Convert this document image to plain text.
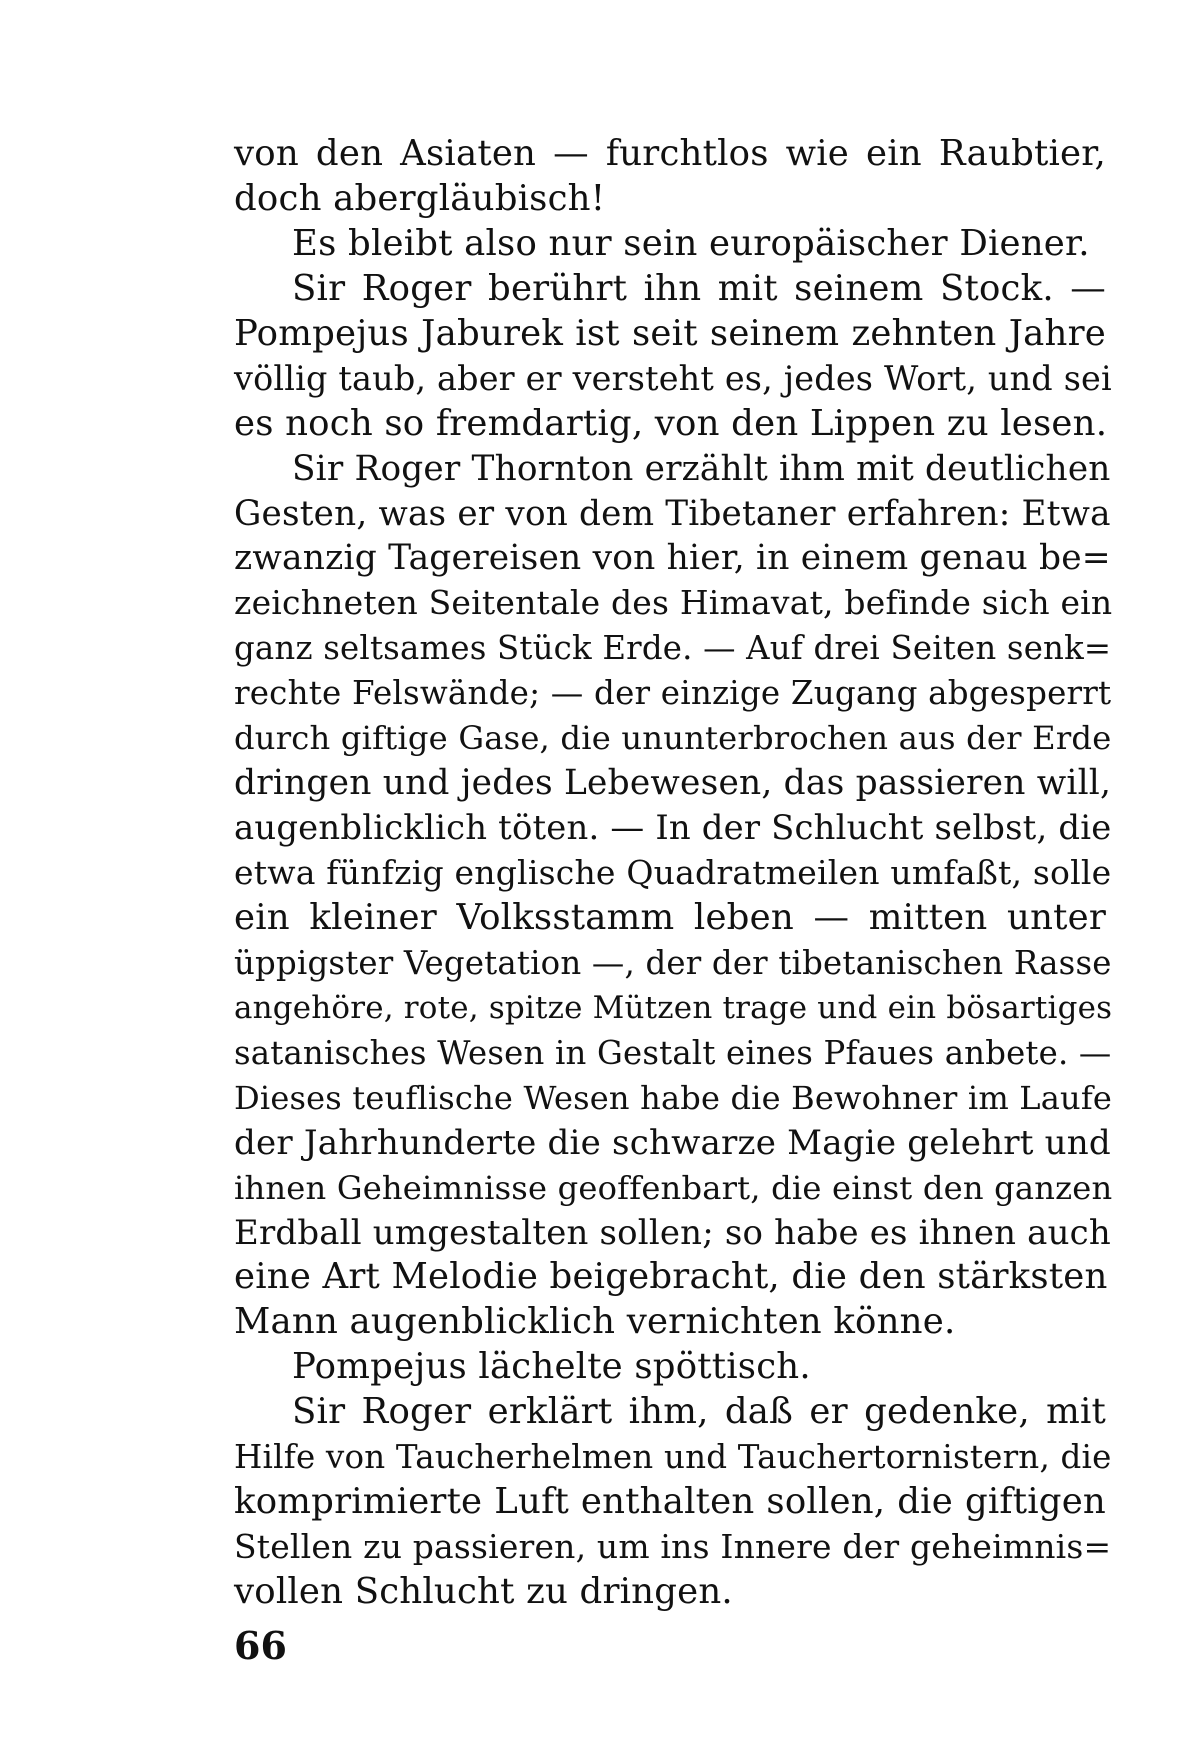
von den Asiaten — furchtlos wie ein Raubtier,
doch abergläubisch!
Es bleibt also nur sein europäischer Diener.
Sir Roger berührt ihn mit seinem Stock. —
Pompejus Jaburek ist seit seinem zehnten Jahre
völlig taub, aber er versteht es, jedes Wort, und sei
es noch so fremdartig, von den Lippen zu lesen.
Sir Roger Thornton erzählt ihm mit deutlichen
Gesten, was er von dem Tibetaner erfahren: Etwa
zwanzig Tagereisen von hier, in einem genau be=
zeichneten Seitentale des Himavat, befinde sich ein
ganz seltsames Stück Erde. — Auf drei Seiten senk=
rechte Felswände; — der einzige Zugang abgesperrt
durch giftige Gase, die ununterbrochen aus der Erde
dringen und jedes Lebewesen, das passieren will,
augenblicklich töten. — In der Schlucht selbst, die
etwa fünfzig englische Quadratmeilen umfaßt, solle
ein kleiner Volksstamm leben — mitten unter
üppigster Vegetation —, der der tibetanischen Rasse
angehöre, rote, spitze Mützen trage und ein bösartiges
satanisches Wesen in Gestalt eines Pfaues anbete. —
Dieses teuflische Wesen habe die Bewohner im Laufe
der Jahrhunderte die schwarze Magie gelehrt und
ihnen Geheimnisse geoffenbart, die einst den ganzen
Erdball umgestalten sollen; so habe es ihnen auch
eine Art Melodie beigebracht, die den stärksten
Mann augenblicklich vernichten könne.
Pompejus lächelte spöttisch.
Sir Roger erklärt ihm, daß er gedenke, mit
Hilfe von Taucherhelmen und Tauchertornistern, die
komprimierte Luft enthalten sollen, die giftigen
Stellen zu passieren, um ins Innere der geheimnis=
vollen Schlucht zu dringen.
66
